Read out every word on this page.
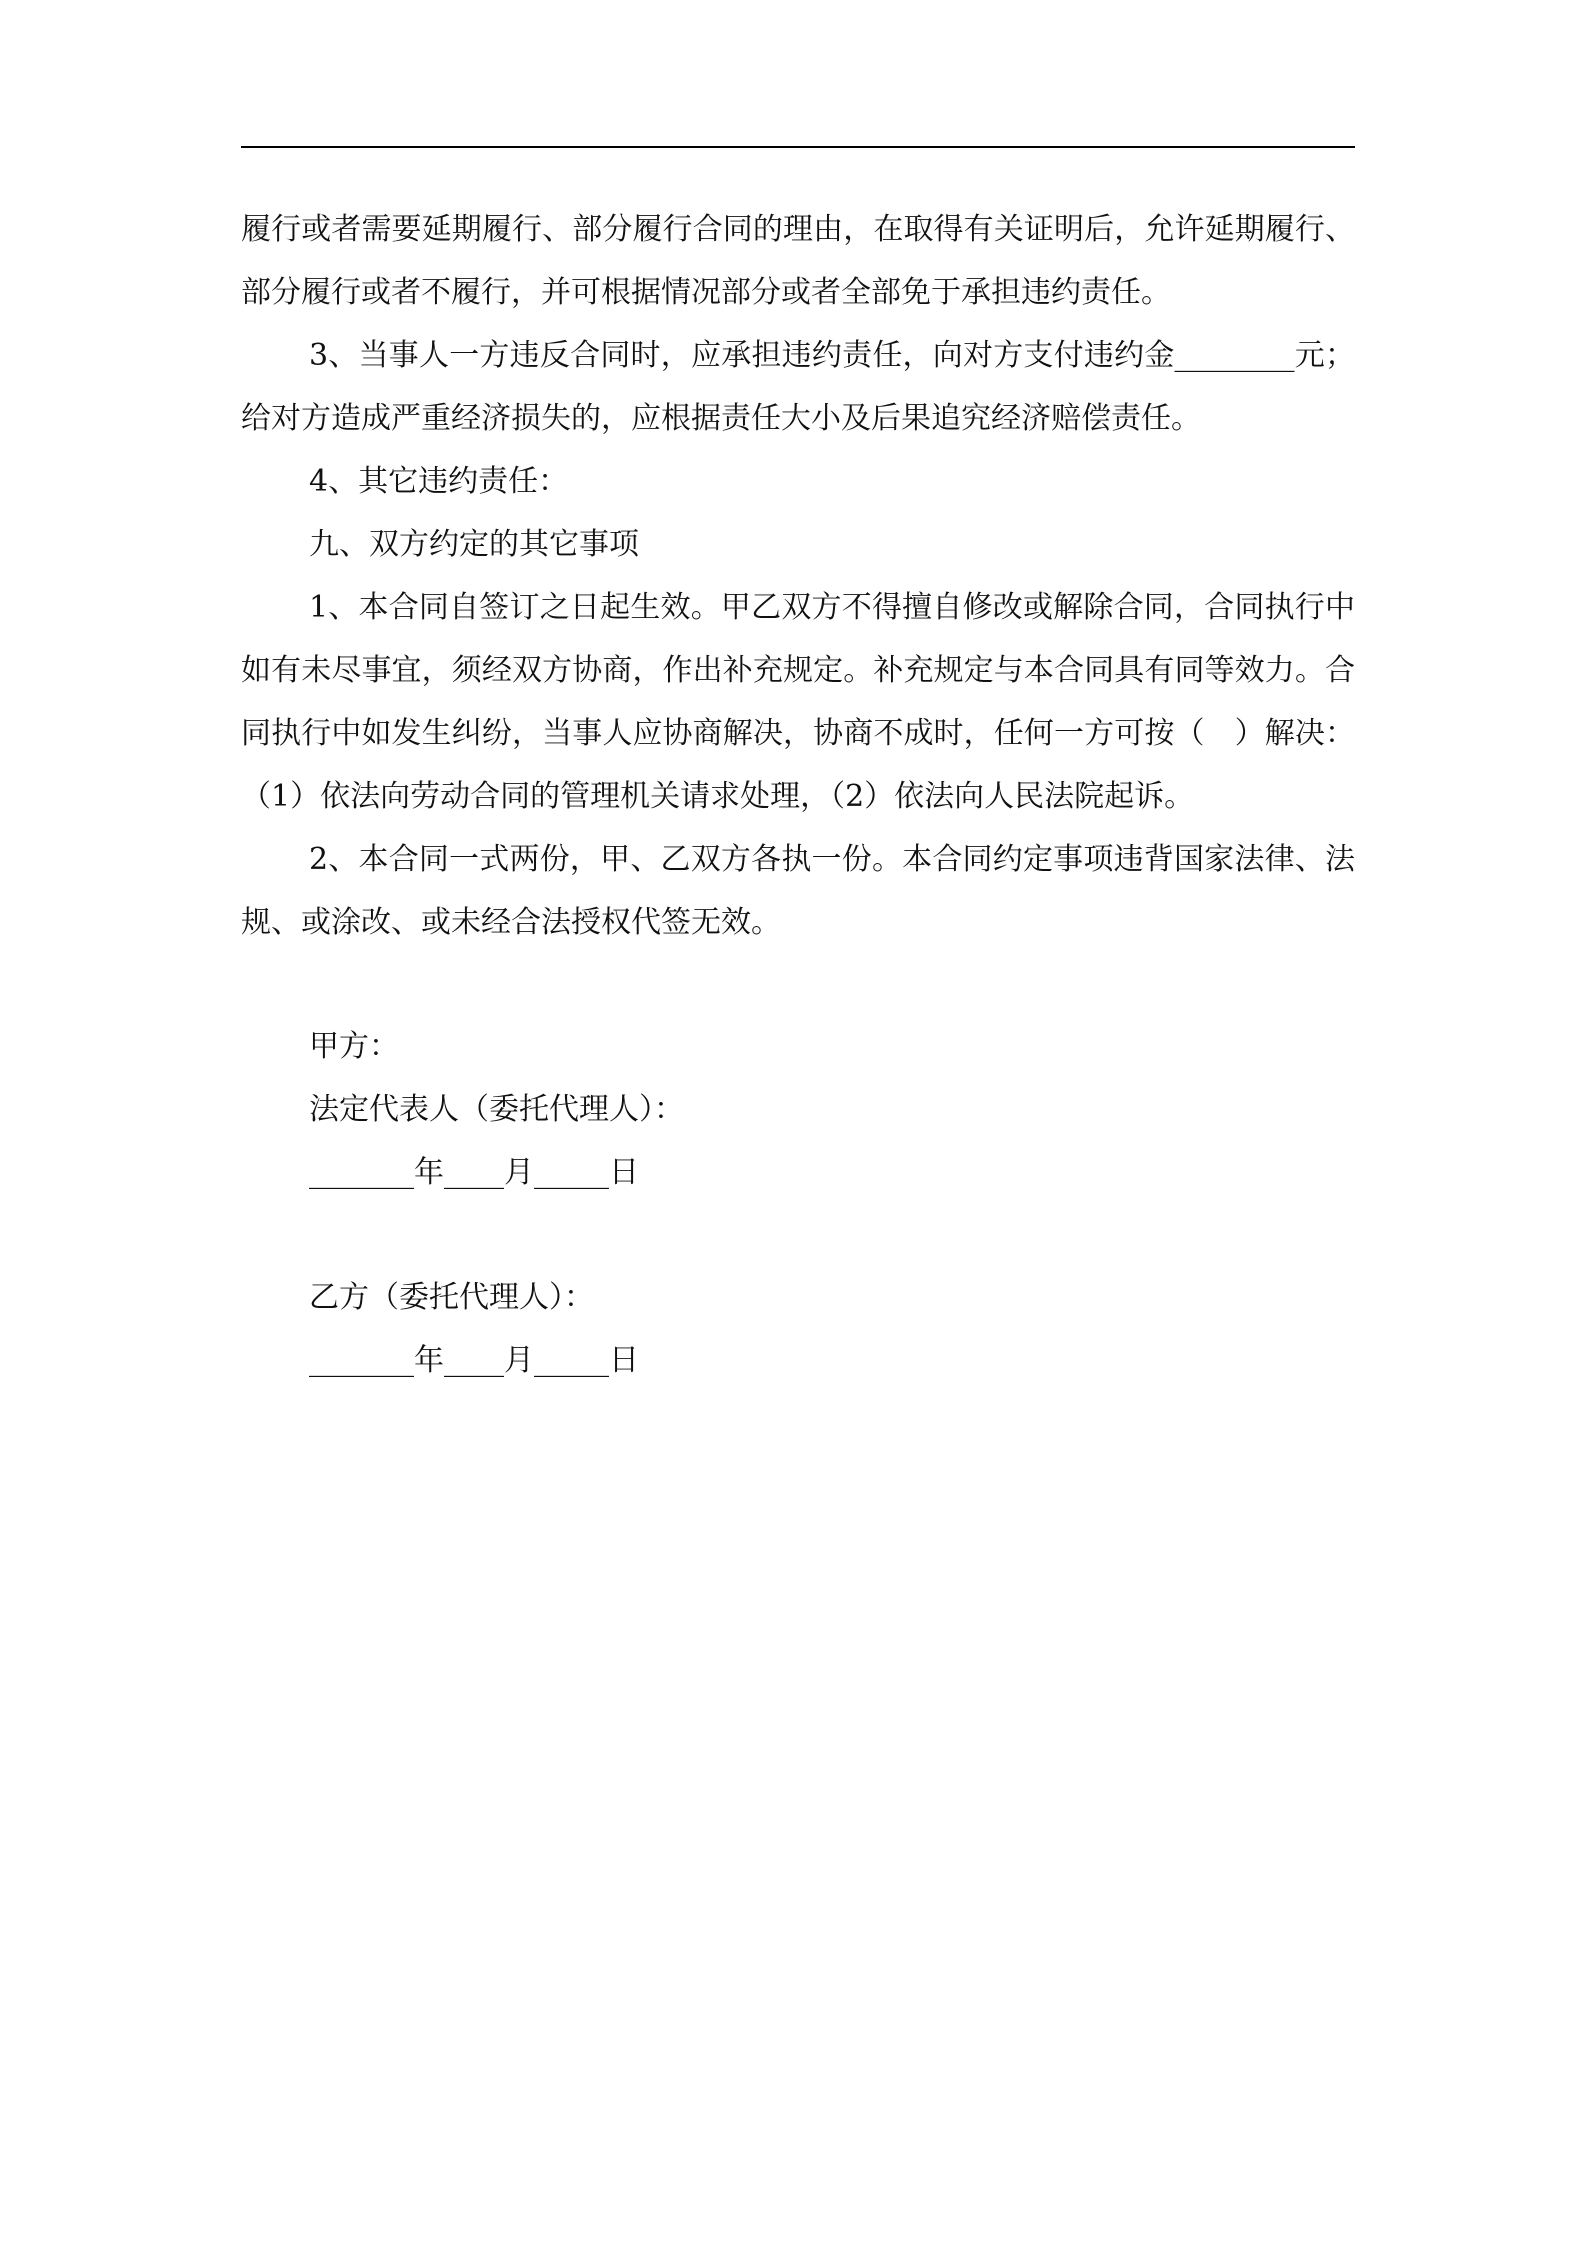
履行或者需要延期履行、部分履行合同的理由，在取得有关证明后，允许延期履行、部分履行或者不履行，并可根据情况部分或者全部免于承担违约责任。

3、当事人一方违反合同时，应承担违约责任，向对方支付违约金________元；给对方造成严重经济损失的，应根据责任大小及后果追究经济赔偿责任。

4、其它违约责任：

九、双方约定的其它事项

1、本合同自签订之日起生效。甲乙双方不得擅自修改或解除合同，合同执行中如有未尽事宜，须经双方协商，作出补充规定。补充规定与本合同具有同等效力。合同执行中如发生纠纷，当事人应协商解决，协商不成时，任何一方可按（　）解决：（1）依法向劳动合同的管理机关请求处理，（2）依法向人民法院起诉。

2、本合同一式两份，甲、乙双方各执一份。本合同约定事项违背国家法律、法规、或涂改、或未经合法授权代签无效。

甲方：

法定代表人（委托代理人）：

_______年____月_____日

乙方（委托代理人）：

_______年____月_____日
